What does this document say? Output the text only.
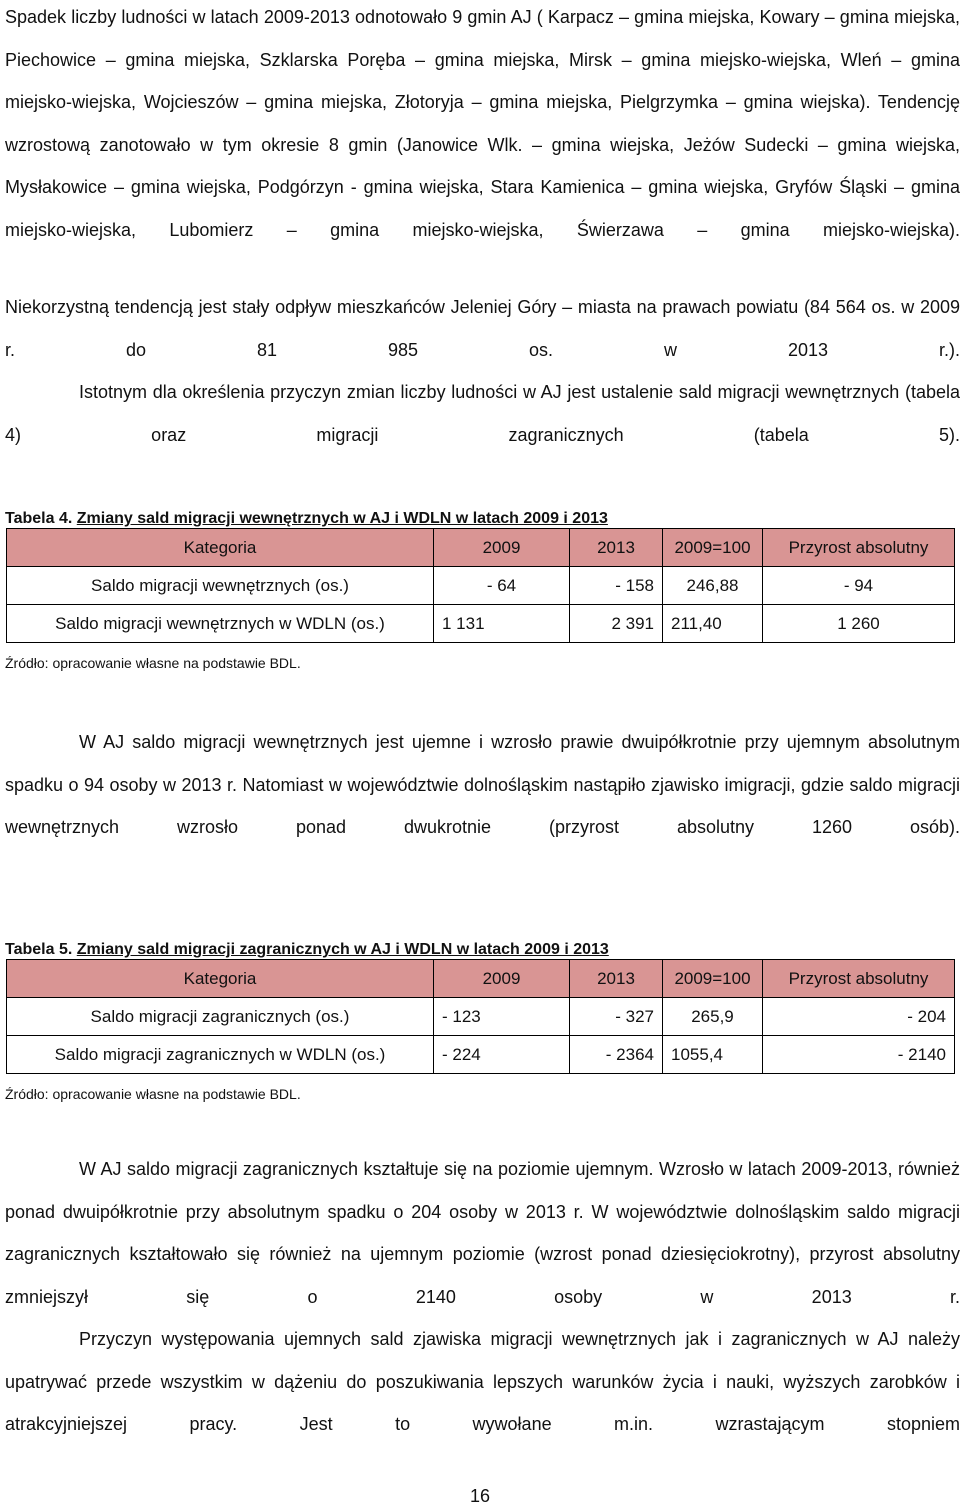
Spadek liczby ludności w latach 2009-2013 odnotowało 9 gmin AJ ( Karpacz – gmina miejska, Kowary – gmina miejska, Piechowice – gmina miejska, Szklarska Poręba – gmina miejska, Mirsk – gmina miejsko-wiejska, Wleń – gmina miejsko-wiejska, Wojcieszów – gmina miejska, Złotoryja – gmina miejska, Pielgrzymka – gmina wiejska). Tendencję wzrostową zanotowało w tym okresie 8 gmin (Janowice Wlk. – gmina wiejska, Jeżów Sudecki – gmina wiejska, Mysłakowice – gmina wiejska, Podgórzyn - gmina wiejska, Stara Kamienica – gmina wiejska, Gryfów Śląski – gmina miejsko-wiejska, Lubomierz – gmina miejsko-wiejska, Świerzawa – gmina miejsko-wiejska).

Niekorzystną tendencją jest stały odpływ mieszkańców Jeleniej Góry – miasta na prawach powiatu (84 564 os. w 2009 r. do 81 985 os. w 2013 r.).

Istotnym dla określenia przyczyn zmian liczby ludności w AJ jest ustalenie sald migracji wewnętrznych (tabela 4) oraz migracji zagranicznych (tabela 5).

Tabela 4. Zmiany sald migracji wewnętrznych w AJ i WDLN w latach 2009 i 2013

Kategoria	2009	2013	2009=100	Przyrost absolutny
Saldo migracji wewnętrznych (os.)	- 64	- 158	246,88	- 94
Saldo migracji wewnętrznych w WDLN (os.)	1 131	2 391	211,40	1 260

Źródło: opracowanie własne na podstawie BDL.

W AJ saldo migracji wewnętrznych jest ujemne i wzrosło prawie dwuipółkrotnie przy ujemnym absolutnym spadku o 94 osoby w 2013 r. Natomiast w województwie dolnośląskim nastąpiło zjawisko imigracji, gdzie saldo migracji wewnętrznych wzrosło ponad dwukrotnie (przyrost absolutny 1260 osób).

Tabela 5. Zmiany sald migracji zagranicznych w AJ i WDLN w latach 2009 i 2013

Kategoria	2009	2013	2009=100	Przyrost absolutny
Saldo migracji zagranicznych (os.)	- 123	- 327	265,9	- 204
Saldo migracji zagranicznych w WDLN (os.)	- 224	- 2364	1055,4	- 2140

Źródło: opracowanie własne na podstawie BDL.

W AJ saldo migracji zagranicznych kształtuje się na poziomie ujemnym. Wzrosło w latach 2009-2013, również ponad dwuipółkrotnie przy absolutnym spadku o 204 osoby w 2013 r. W województwie dolnośląskim saldo migracji zagranicznych kształtowało się również na ujemnym poziomie (wzrost ponad dziesięciokrotny), przyrost absolutny zmniejszył się o 2140 osoby w 2013 r.

Przyczyn występowania ujemnych sald zjawiska migracji wewnętrznych jak i zagranicznych w AJ należy upatrywać przede wszystkim w dążeniu do poszukiwania lepszych warunków życia i nauki, wyższych zarobków i atrakcyjniejszej pracy. Jest to wywołane m.in. wzrastającym stopniem

16
